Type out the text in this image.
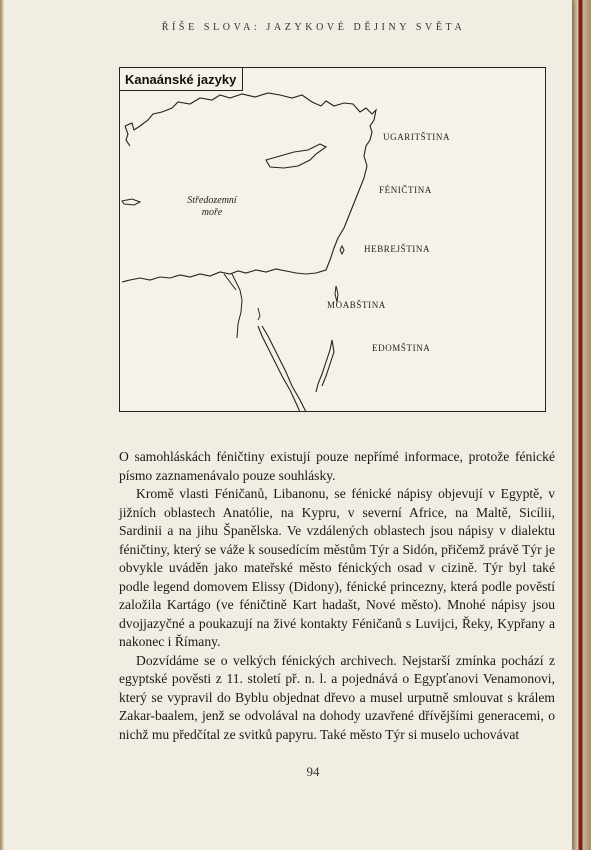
ŘÍŠE SLOVA: JAZYKOVÉ DĚJINY SVĚTA
Kanaánské jazyky
Středozemní
moře
UGARITŠTINA
FÉNIČTINA
HEBREJŠTINA
MOABŠTINA
EDOMŠTINA

O samohláskách féničtiny existují pouze nepřímé informace, protože fénické písmo zaznamenávalo pouze souhlásky.

Kromě vlasti Féničanů, Libanonu, se fénické nápisy objevují v Egyptě, v jižních oblastech Anatólie, na Kypru, v severní Africe, na Maltě, Sicílii, Sardinii a na jihu Španělska. Ve vzdálených oblastech jsou nápisy v dialektu féničtiny, který se váže k sousedícím městům Týr a Sidón, přičemž právě Týr je obvykle uváděn jako mateřské město fénických osad v cizině. Týr byl také podle legend domovem Elissy (Didony), fénické princezny, která podle pověstí založila Kartágo (ve féničtině Kart hadašt, Nové město). Mnohé nápisy jsou dvojjazyčné a poukazují na živé kontakty Féničanů s Luvijci, Řeky, Kypřany a nakonec i Římany.

Dozvídáme se o velkých fénických archivech. Nejstarší zmínka pochází z egyptské pověsti z 11. století př. n. l. a pojednává o Egypťanovi Venamonovi, který se vypravil do Byblu objednat dřevo a musel urputně smlouvat s králem Zakar-baalem, jenž se odvolával na dohody uzavřené dřívějšími generacemi, o nichž mu předčítal ze svitků papyru. Také město Týr si muselo uchovávat

94
